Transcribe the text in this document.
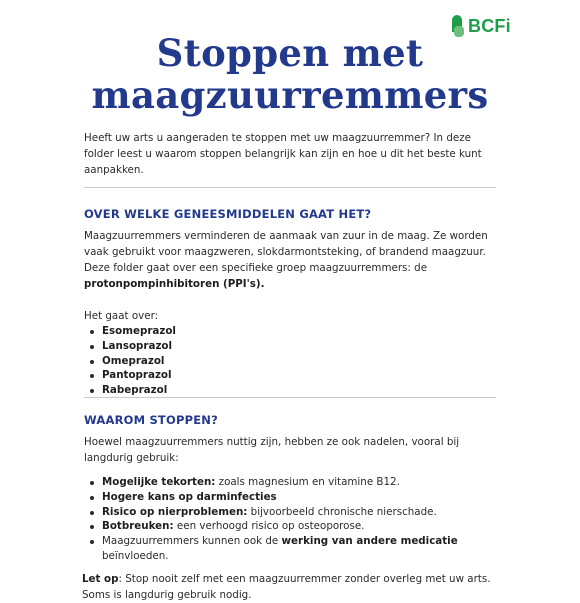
BCFi
Stoppen met
maagzuurremmers

Heeft uw arts u aangeraden te stoppen met uw maagzuurremmer? In deze folder leest u waarom stoppen belangrijk kan zijn en hoe u dit het beste kunt aanpakken.

OVER WELKE GENEESMIDDELEN GAAT HET?

Maagzuurremmers verminderen de aanmaak van zuur in de maag. Ze worden vaak gebruikt voor maagzweren, slokdarmontsteking, of brandend maagzuur. Deze folder gaat over een specifieke groep maagzuurremmers: de protonpompinhibitoren (PPI's).

Het gaat over:

Esomeprazol
Lansoprazol
Omeprazol
Pantoprazol
Rabeprazol
WAAROM STOPPEN?

Hoewel maagzuurremmers nuttig zijn, hebben ze ook nadelen, vooral bij langdurig gebruik:

Mogelijke tekorten: zoals magnesium en vitamine B12.
Hogere kans op darminfecties
Risico op nierproblemen: bijvoorbeeld chronische nierschade.
Botbreuken: een verhoogd risico op osteoporose.
Maagzuurremmers kunnen ook de werking van andere medicatie beïnvloeden.

Let op: Stop nooit zelf met een maagzuurremmer zonder overleg met uw arts. Soms is langdurig gebruik nodig.
